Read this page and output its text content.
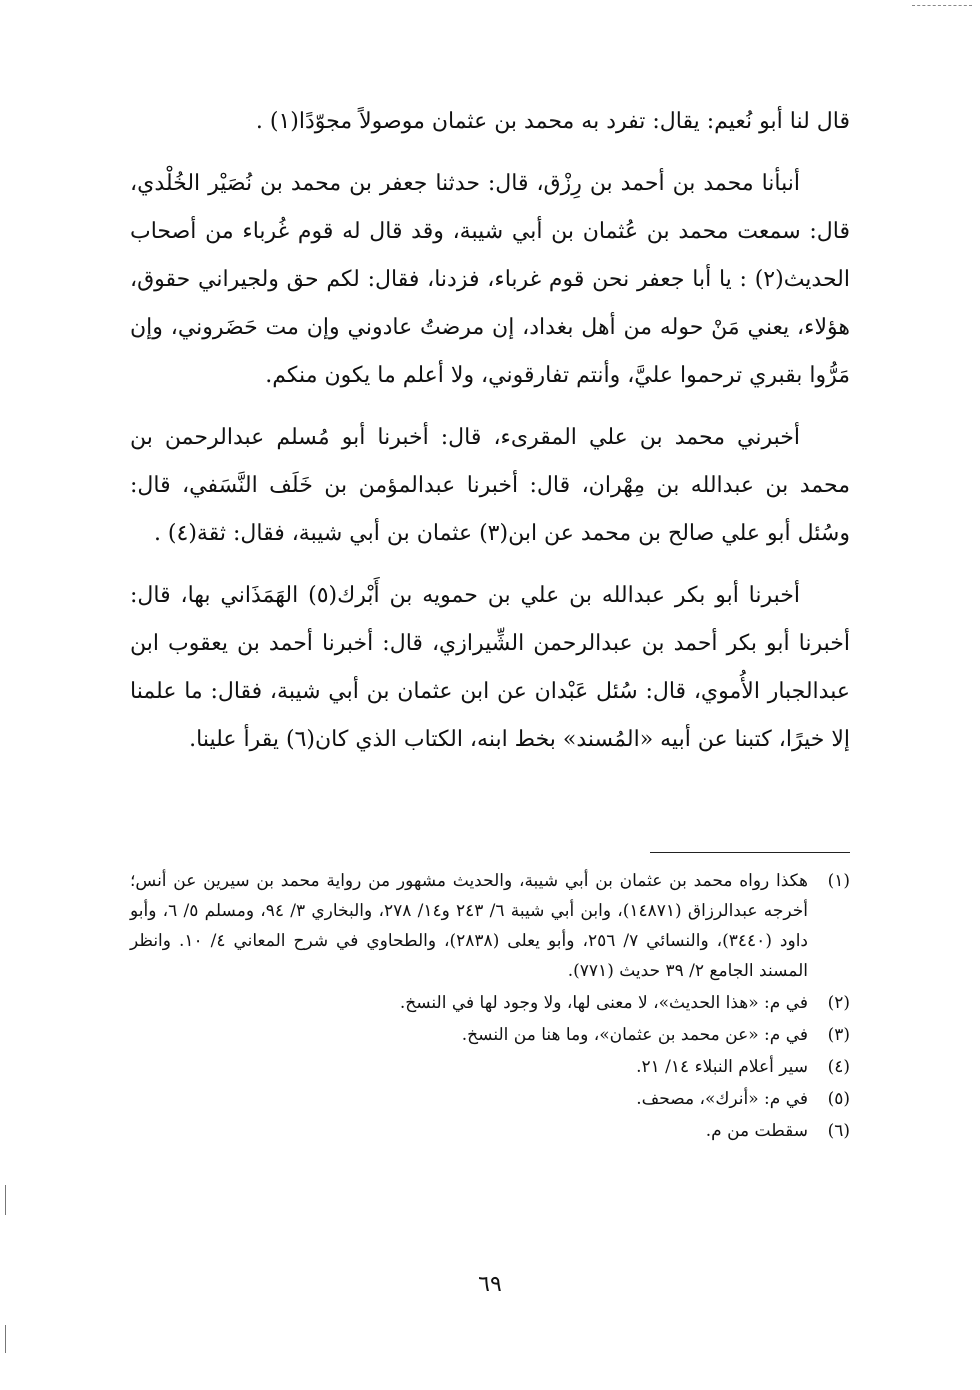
قال لنا أبو نُعيم: يقال: تفرد به محمد بن عثمان موصولاً مجوّدًا(١) .

أنبأنا محمد بن أحمد بن رِزْق، قال: حدثنا جعفر بن محمد بن نُصَيْر الخُلْدي، قال: سمعت محمد بن عُثمان بن أبي شيبة، وقد قال له قوم غُرباء من أصحاب الحديث(٢) : يا أبا جعفر نحن قوم غرباء، فزدنا، فقال: لكم حق ولجيراني حقوق، هؤلاء، يعني مَنْ حوله من أهل بغداد، إن مرضتُ عادوني وإن مت حَضَروني، وإن مَرُّوا بقبري ترحموا عليَّ، وأنتم تفارقوني، ولا أعلم ما يكون منكم.

أخبرني محمد بن علي المقرىء، قال: أخبرنا أبو مُسلم عبدالرحمن بن محمد بن عبدالله بن مِهْران، قال: أخبرنا عبدالمؤمن بن خَلَف النَّسَفي، قال: وسُئل أبو علي صالح بن محمد عن ابن(٣) عثمان بن أبي شيبة، فقال: ثقة(٤) .

أخبرنا أبو بكر عبدالله بن علي بن حمويه بن أَبْرك(٥) الهَمَذَاني بها، قال: أخبرنا أبو بكر أحمد بن عبدالرحمن الشِّيرازي، قال: أخبرنا أحمد بن يعقوب ابن عبدالجبار الأُموي، قال: سُئل عَبْدان عن ابن عثمان بن أبي شيبة، فقال: ما علمنا إلا خيرًا، كتبنا عن أبيه «المُسند» بخط ابنه، الكتاب الذي كان(٦) يقرأ علينا.

(١)
هكذا رواه محمد بن عثمان بن أبي شيبة، والحديث مشهور من رواية محمد بن سيرين عن أنس؛ أخرجه عبدالرزاق (١٤٨٧١)، وابن أبي شيبة ٦/ ٢٤٣ و١٤/ ٢٧٨، والبخاري ٣/ ٩٤، ومسلم ٥/ ٦، وأبو داود (٣٤٤٠)، والنسائي ٧/ ٢٥٦، وأبو يعلى (٢٨٣٨)، والطحاوي في شرح المعاني ٤/ ١٠. وانظر المسند الجامع ٢/ ٣٩ حديث (٧٧١).
(٢)
في م: «هذا الحديث»، لا معنى لها، ولا وجود لها في النسخ.
(٣)
في م: «عن محمد بن عثمان»، وما هنا من النسخ.
(٤)
سير أعلام النبلاء ١٤/ ٢١.
(٥)
في م: «أنرك»، مصحف.
(٦)
سقطت من م.
٦٩
